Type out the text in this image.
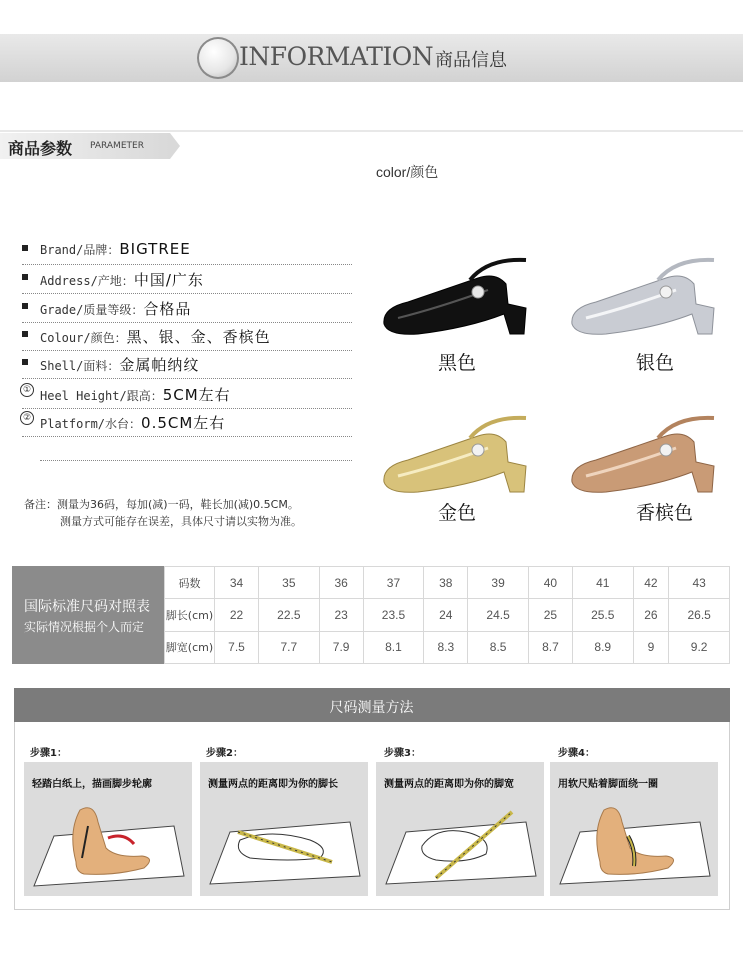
INFORMATION 商品信息
商品参数 PARAMETER
color/颜色
Brand/品牌：BIGTREE
Address/产地：中国/广东
Grade/质量等级：合格品
Colour/颜色：黑、银、金、香槟色
Shell/面料：金属帕纳纹
① Heel Height/跟高：5CM左右
② Platform/水台：0.5CM左右
备注：测量为36码，每加(减)一码，鞋长加(减)0.5CM。
测量方式可能存在误差，具体尺寸请以实物为准。
黑色	银色
金色	香槟色
国际标准尺码对照表
实际情况根据个人而定
码数	34	35	36	37	38	39	40	41	42	43
脚长(cm)	22	22.5	23	23.5	24	24.5	25	25.5	26	26.5
脚宽(cm)	7.5	7.7	7.9	8.1	8.3	8.5	8.7	8.9	9	9.2
尺码测量方法
步骤1：	步骤2：	步骤3：	步骤4：
轻踏白纸上，描画脚步轮廓	测量两点的距离即为你的脚长	测量两点的距离即为你的脚宽	用软尺贴着脚面绕一圈
